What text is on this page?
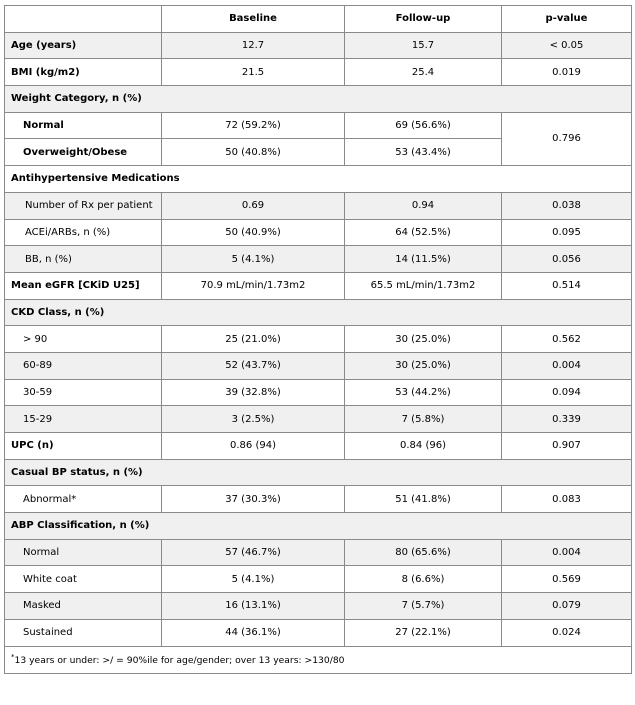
	Baseline	Follow-up	p-value
Age (years)	12.7	15.7	< 0.05
BMI (kg/m2)	21.5	25.4	0.019
Weight Category, n (%)			
Normal	72 (59.2%)	69 (56.6%)	0.796
Overweight/Obese	50 (40.8%)	53 (43.4%)	
Antihypertensive Medications			
Number of Rx per patient	0.69	0.94	0.038
ACEi/ARBs, n (%)	50 (40.9%)	64 (52.5%)	0.095
BB, n (%)	5 (4.1%)	14 (11.5%)	0.056
Mean eGFR [CKiD U25]	70.9 mL/min/1.73m2	65.5 mL/min/1.73m2	0.514
CKD Class, n (%)			
> 90	25 (21.0%)	30 (25.0%)	0.562
60-89	52 (43.7%)	30 (25.0%)	0.004
30-59	39 (32.8%)	53 (44.2%)	0.094
15-29	3 (2.5%)	7 (5.8%)	0.339
UPC (n)	0.86 (94)	0.84 (96)	0.907
Casual BP status, n (%)			
Abnormal*	37 (30.3%)	51 (41.8%)	0.083
ABP Classification, n (%)			
Normal	57 (46.7%)	80 (65.6%)	0.004
White coat	5 (4.1%)	8 (6.6%)	0.569
Masked	16 (13.1%)	7 (5.7%)	0.079
Sustained	44 (36.1%)	27 (22.1%)	0.024
*13 years or under: >/ = 90%ile for age/gender; over 13 years: >130/80			
